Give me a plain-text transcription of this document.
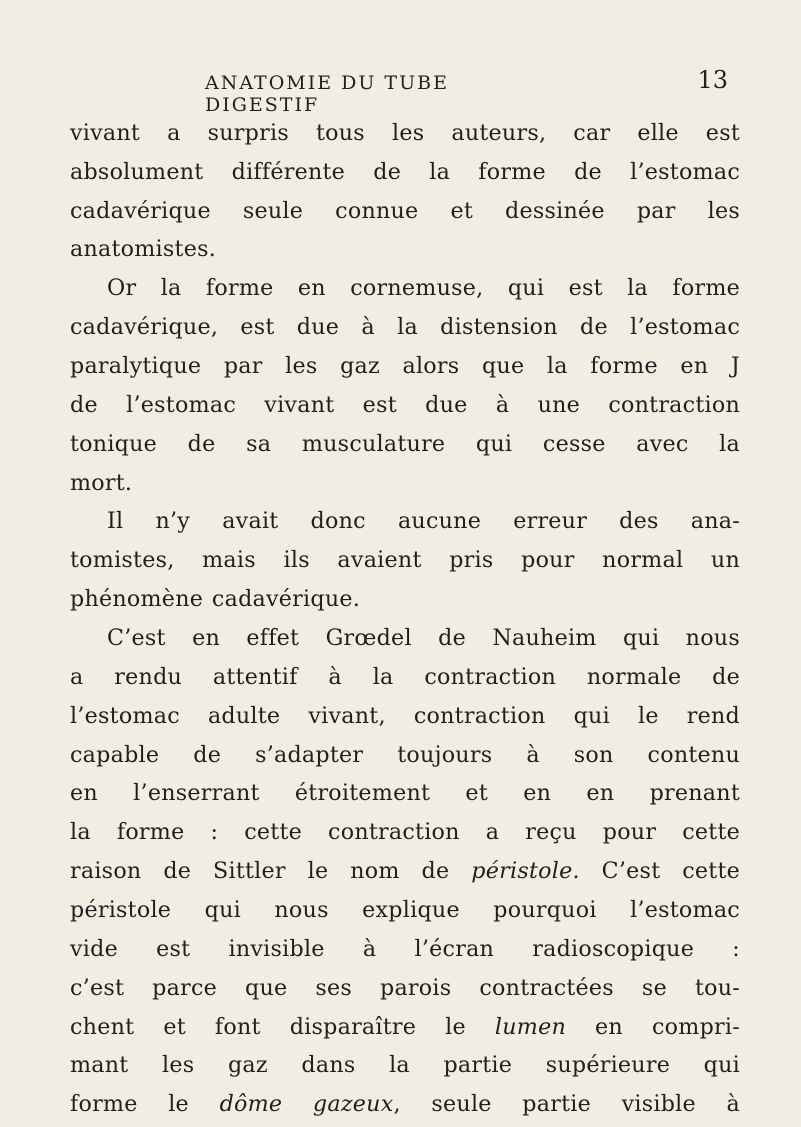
ANATOMIE DU TUBE DIGESTIF
13
vivant a surpris tous les auteurs, car elle est
absolument différente de la forme de l’estomac
cadavérique seule connue et dessinée par les
anatomistes.
Or la forme en cornemuse, qui est la forme
cadavérique, est due à la distension de l’estomac
paralytique par les gaz alors que la forme en J
de l’estomac vivant est due à une contraction
tonique de sa musculature qui cesse avec la
mort.
Il n’y avait donc aucune erreur des ana-
tomistes, mais ils avaient pris pour normal un
phénomène cadavérique.
C’est en effet Grœdel de Nauheim qui nous
a rendu attentif à la contraction normale de
l’estomac adulte vivant, contraction qui le rend
capable de s’adapter toujours à son contenu
en l’enserrant étroitement et en en prenant
la forme : cette contraction a reçu pour cette
raison de Sittler le nom de péristole. C’est cette
péristole qui nous explique pourquoi l’estomac
vide est invisible à l’écran radioscopique :
c’est parce que ses parois contractées se tou-
chent et font disparaître le lumen en compri-
mant les gaz dans la partie supérieure qui
forme le dôme gazeux, seule partie visible à
